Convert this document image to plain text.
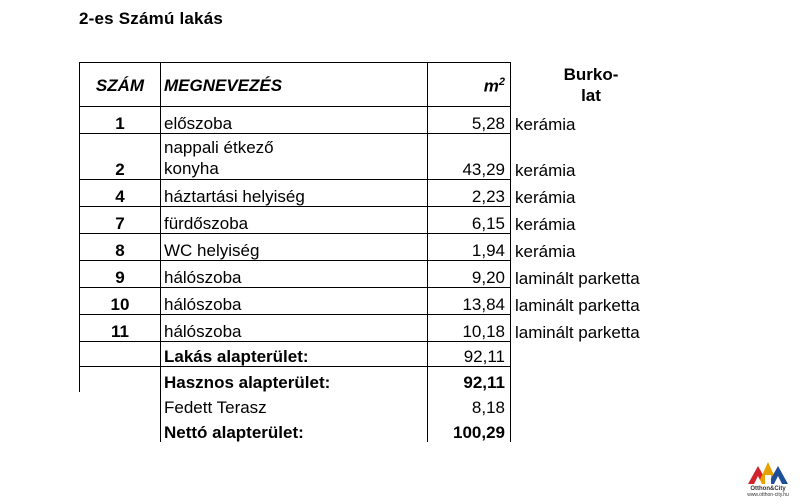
2-es Számú lakás
SZÁM	MEGNEVEZÉS	$m^2$	Burko-
lat
1	előszoba	5,28	kerámia
2	nappali étkező
konyha	43,29	kerámia
4	háztartási helyiség	2,23	kerámia
7	fürdőszoba	6,15	kerámia
8	WC helyiség	1,94	kerámia
9	hálószoba	9,20	laminált parketta
10	hálószoba	13,84	laminált parketta
11	hálószoba	10,18	laminált parketta
	Lakás alapterület:	92,11	
	Hasznos alapterület:	92,11	
	Fedett Terasz	8,18	
	Nettó alapterület:	100,29	
Otthon&City
www.otthon-city.hu
